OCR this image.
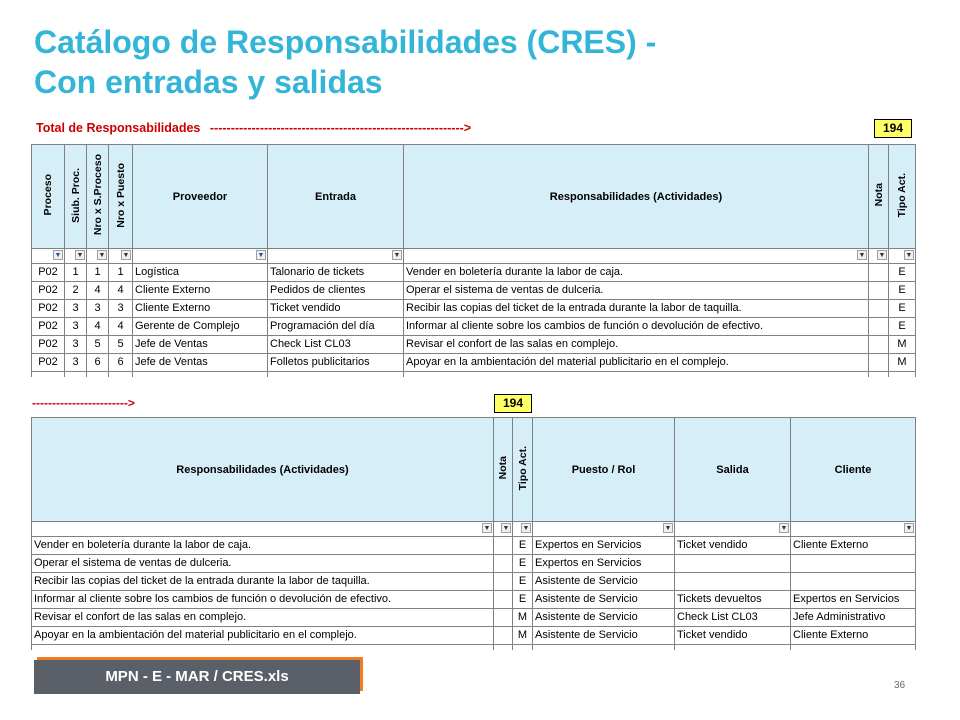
Catálogo de Responsabilidades (CRES) -
Con entradas y salidas
Total de Responsabilidades ------------------------------------------------------------->	194
Proceso	Siub. Proc.	Nro x S.Proceso	Nro x Puesto	Proveedor	Entrada	Responsabilidades (Actividades)	Nota	Tipo Act.

▼	▼	▼	▼	▼	▼	▼	▼	▼

P02	1	1	1	Logística	Talonario de tickets	Vender en boletería durante la labor de caja.		E
P02	2	4	4	Cliente Externo	Pedidos de clientes	Operar el sistema de ventas de dulceria.		E
P02	3	3	3	Cliente Externo	Ticket vendido	Recibir las copias del ticket de la entrada durante la labor de taquilla.		E
P02	3	4	4	Gerente de Complejo	Programación del día	Informar al cliente sobre los cambios de función o devolución de efectivo.		E
P02	3	5	5	Jefe de Ventas	Check List CL03	Revisar el confort de las salas en complejo.		M
P02	3	6	6	Jefe de Ventas	Folletos publicitarios	Apoyar en la ambientación del material publicitario en el complejo.		M

------------------------>	194
Responsabilidades (Actividades)	Nota	Tipo Act.	Puesto / Rol	Salida	Cliente

▼	▼	▼	▼	▼	▼

Vender en boletería durante la labor de caja.		E	Expertos en Servicios	Ticket vendido	Cliente Externo
Operar el sistema de ventas de dulceria.		E	Expertos en Servicios		
Recibir las copias del ticket de la entrada durante la labor de taquilla.		E	Asistente de Servicio		
Informar al cliente sobre los cambios de función o devolución de efectivo.		E	Asistente de Servicio	Tickets devueltos	Expertos en Servicios
Revisar el confort de las salas en complejo.		M	Asistente de Servicio	Check List CL03	Jefe Administrativo
Apoyar en la ambientación del material publicitario en el complejo.		M	Asistente de Servicio	Ticket vendido	Cliente Externo

MPN - E - MAR / CRES.xls
36
